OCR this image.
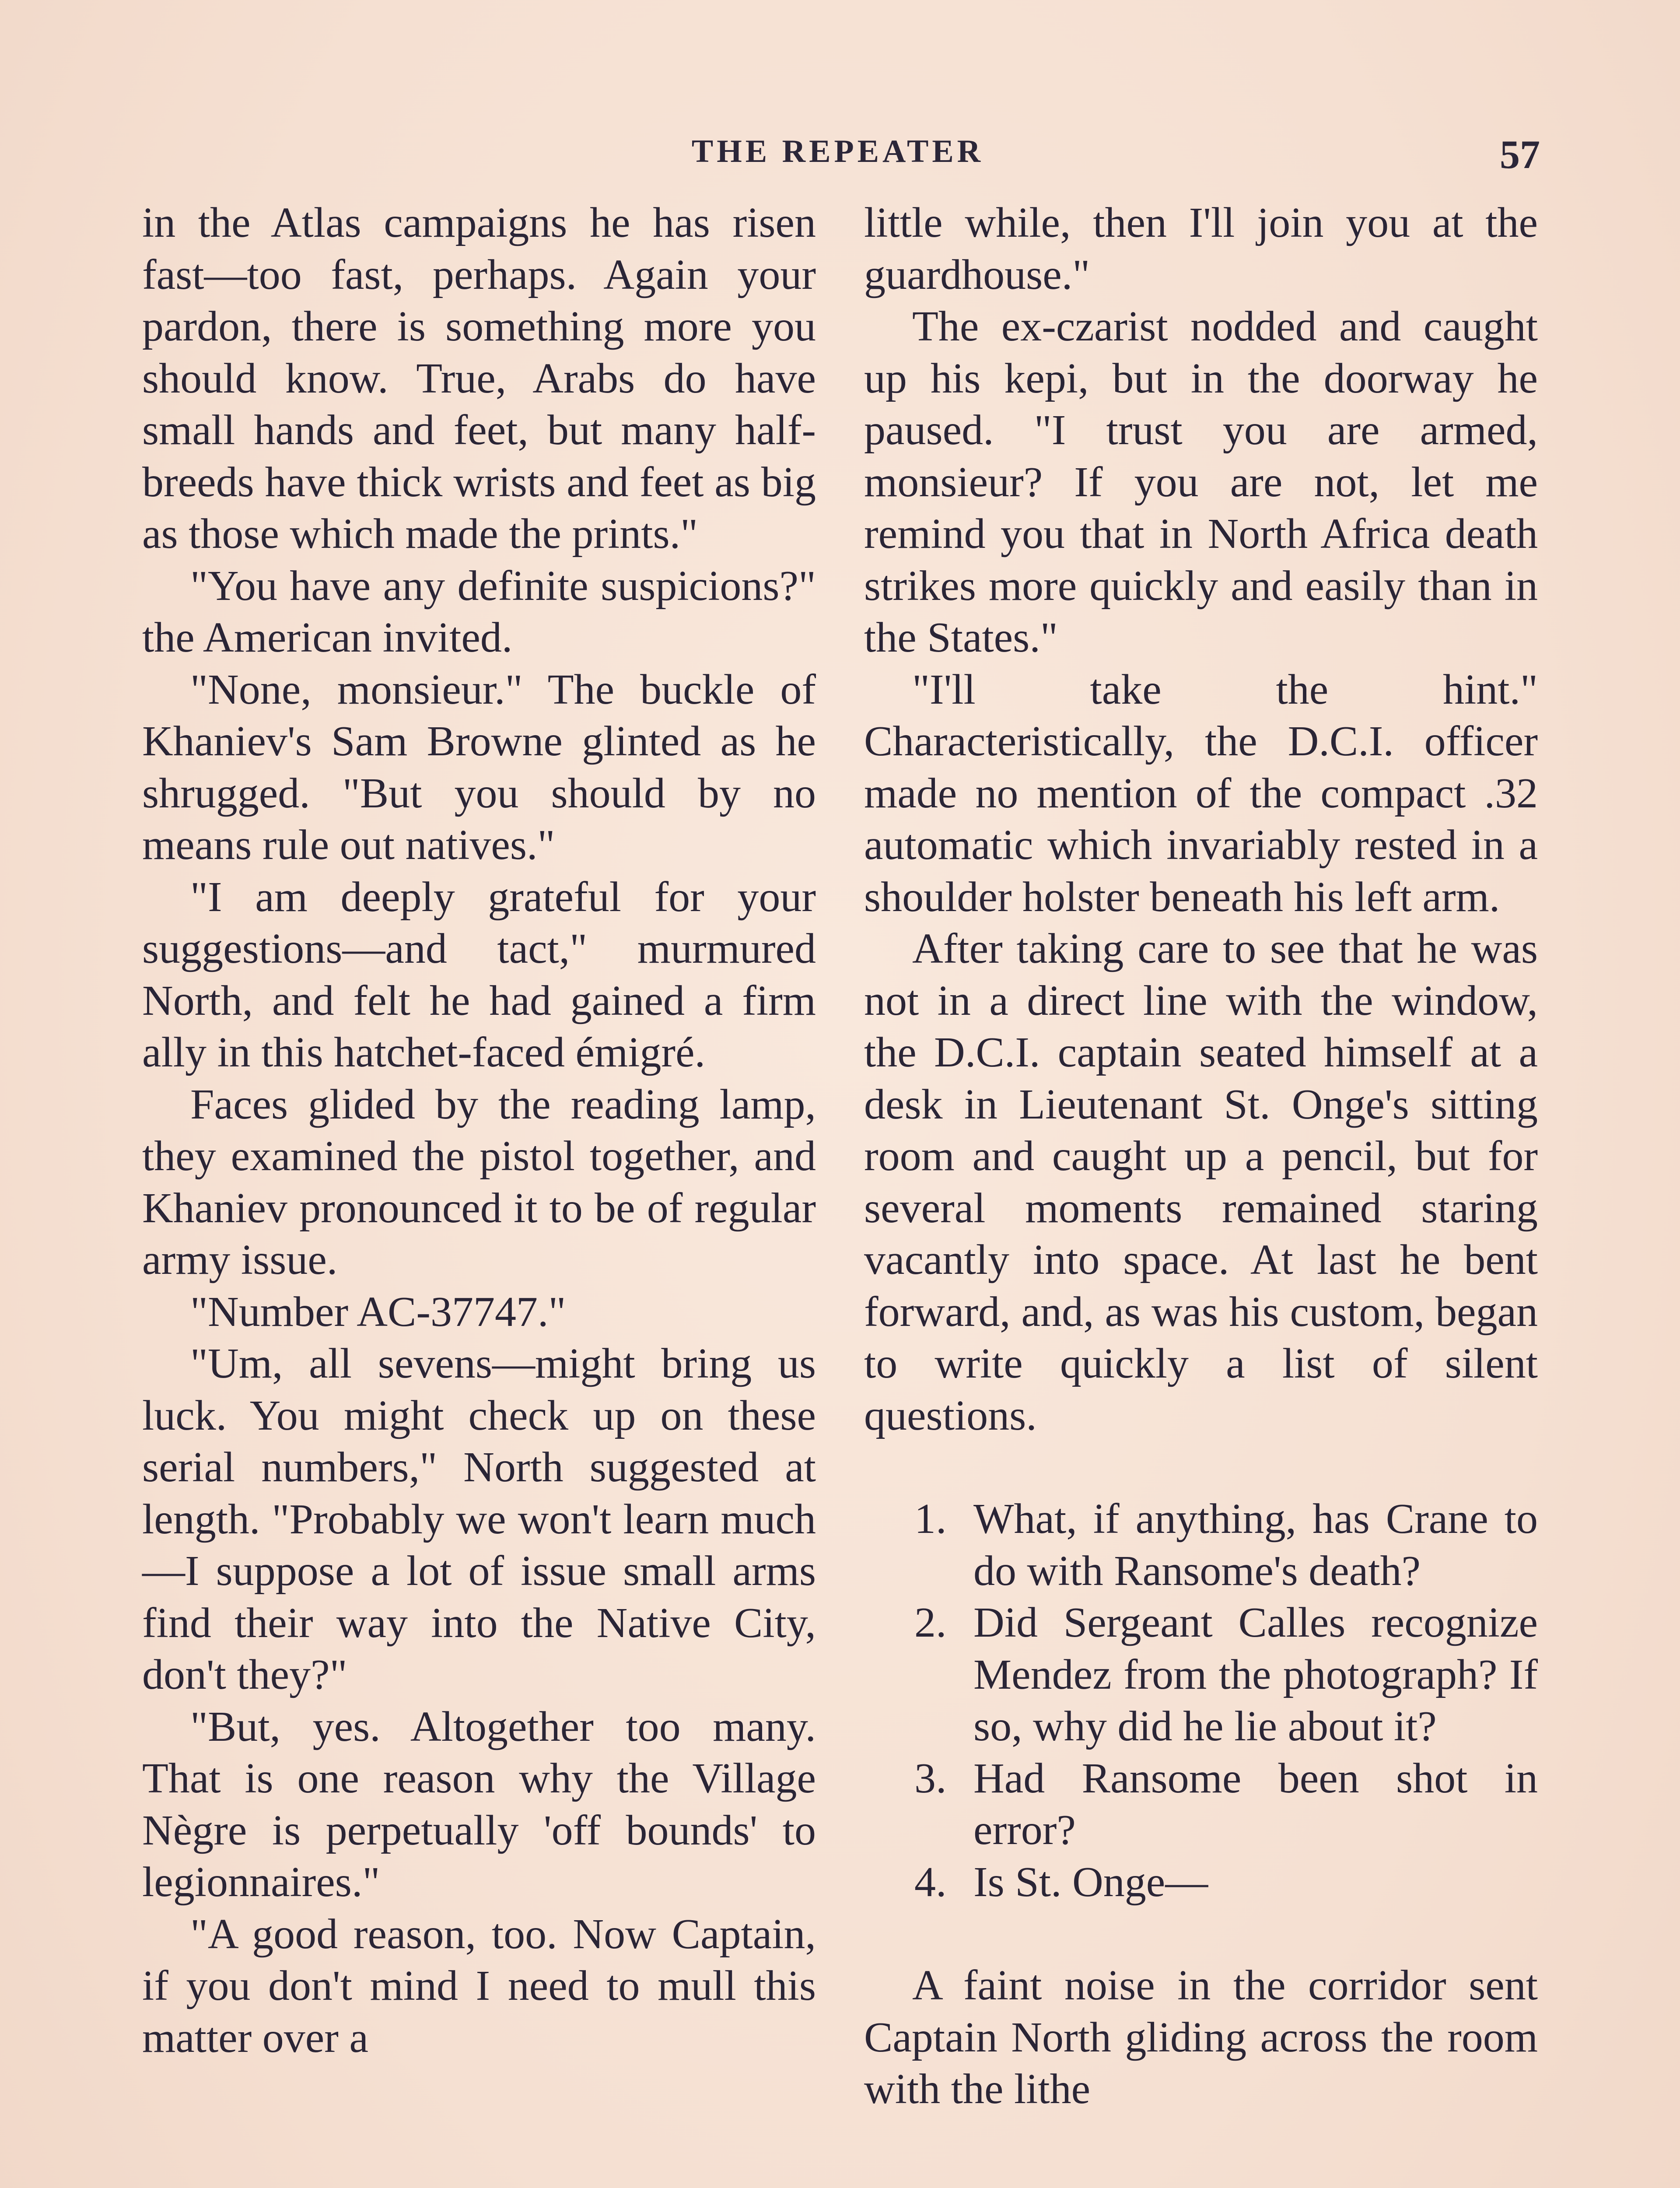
THE REPEATER	57

in the Atlas campaigns he has risen fast—too fast, perhaps. Again your pardon, there is something more you should know. True, Arabs do have small hands and feet, but many half-breeds have thick wrists and feet as big as those which made the prints."

"You have any definite suspicions?" the American invited.

"None, monsieur." The buckle of Khaniev's Sam Browne glinted as he shrugged. "But you should by no means rule out natives."

"I am deeply grateful for your suggestions—and tact," murmured North, and felt he had gained a firm ally in this hatchet-faced émigré.

Faces glided by the reading lamp, they examined the pistol together, and Khaniev pronounced it to be of regular army issue.

"Number AC-37747."

"Um, all sevens—might bring us luck. You might check up on these serial numbers," North suggested at length. "Probably we won't learn much—I suppose a lot of issue small arms find their way into the Native City, don't they?"

"But, yes. Altogether too many. That is one reason why the Village Nègre is perpetually 'off bounds' to legionnaires."

"A good reason, too. Now Captain, if you don't mind I need to mull this matter over a

little while, then I'll join you at the guardhouse."

The ex-czarist nodded and caught up his kepi, but in the doorway he paused. "I trust you are armed, monsieur? If you are not, let me remind you that in North Africa death strikes more quickly and easily than in the States."

"I'll take the hint." Characteristically, the D.C.I. officer made no mention of the compact .32 automatic which invariably rested in a shoulder holster beneath his left arm.

After taking care to see that he was not in a direct line with the window, the D.C.I. captain seated himself at a desk in Lieutenant St. Onge's sitting room and caught up a pencil, but for several moments remained staring vacantly into space. At last he bent forward, and, as was his custom, began to write quickly a list of silent questions.

1. What, if anything, has Crane to do with Ransome's death?
2. Did Sergeant Calles recognize Mendez from the photograph? If so, why did he lie about it?
3. Had Ransome been shot in error?
4. Is St. Onge—

A faint noise in the corridor sent Captain North gliding across the room with the lithe
